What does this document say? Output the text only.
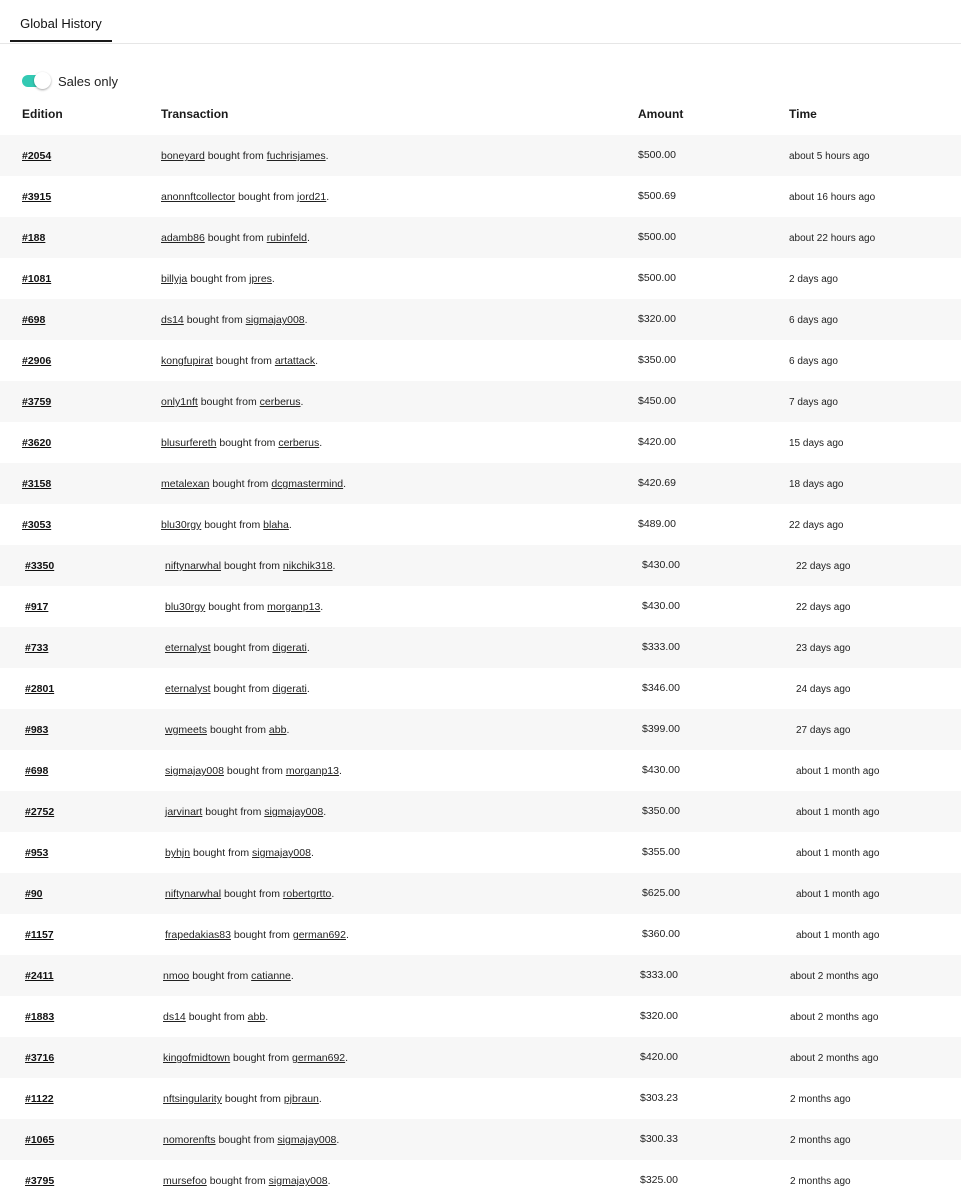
Global History
Sales only
Edition	Transaction	Amount	Time
#2054	boneyard bought from fuchrisjames.	$500.00	about 5 hours ago
#3915	anonnftcollector bought from jord21.	$500.69	about 16 hours ago
#188	adamb86 bought from rubinfeld.	$500.00	about 22 hours ago
#1081	billyja bought from jpres.	$500.00	2 days ago
#698	ds14 bought from sigmajay008.	$320.00	6 days ago
#2906	kongfupirat bought from artattack.	$350.00	6 days ago
#3759	only1nft bought from cerberus.	$450.00	7 days ago
#3620	blusurfereth bought from cerberus.	$420.00	15 days ago
#3158	metalexan bought from dcgmastermind.	$420.69	18 days ago
#3053	blu30rgy bought from blaha.	$489.00	22 days ago
#3350	niftynarwhal bought from nikchik318.	$430.00	22 days ago
#917	blu30rgy bought from morganp13.	$430.00	22 days ago
#733	eternalyst bought from digerati.	$333.00	23 days ago
#2801	eternalyst bought from digerati.	$346.00	24 days ago
#983	wgmeets bought from abb.	$399.00	27 days ago
#698	sigmajay008 bought from morganp13.	$430.00	about 1 month ago
#2752	jarvinart bought from sigmajay008.	$350.00	about 1 month ago
#953	byhjn bought from sigmajay008.	$355.00	about 1 month ago
#90	niftynarwhal bought from robertgrtto.	$625.00	about 1 month ago
#1157	frapedakias83 bought from german692.	$360.00	about 1 month ago
#2411	nmoo bought from catianne.	$333.00	about 2 months ago
#1883	ds14 bought from abb.	$320.00	about 2 months ago
#3716	kingofmidtown bought from german692.	$420.00	about 2 months ago
#1122	nftsingularity bought from pjbraun.	$303.23	2 months ago
#1065	nomorenfts bought from sigmajay008.	$300.33	2 months ago
#3795	mursefoo bought from sigmajay008.	$325.00	2 months ago
